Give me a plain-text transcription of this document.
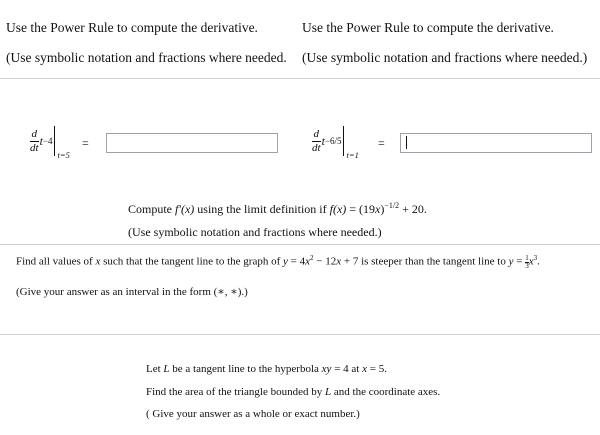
Use the Power Rule to compute the derivative.
(Use symbolic notation and fractions where needed.
Use the Power Rule to compute the derivative.
(Use symbolic notation and fractions where needed.)
$\frac{d}{dt}$ t −4
t=5
=	$\frac{d}{dt}$ t −6/5
t=1
=
Compute f′(x) using the limit definition if $f(x) = (19x)^{-1/2} + 20$.
(Use symbolic notation and fractions where needed.)
Find all values of x such that the tangent line to the graph of $y = 4x^2 - 12x + 7$ is steeper than the tangent line to $y = \frac{1}{3}x^3$.
(Give your answer as an interval in the form (∗, ∗).)
Let L be a tangent line to the hyperbola xy = 4 at x = 5.
Find the area of the triangle bounded by L and the coordinate axes.
( Give your answer as a whole or exact number.)
